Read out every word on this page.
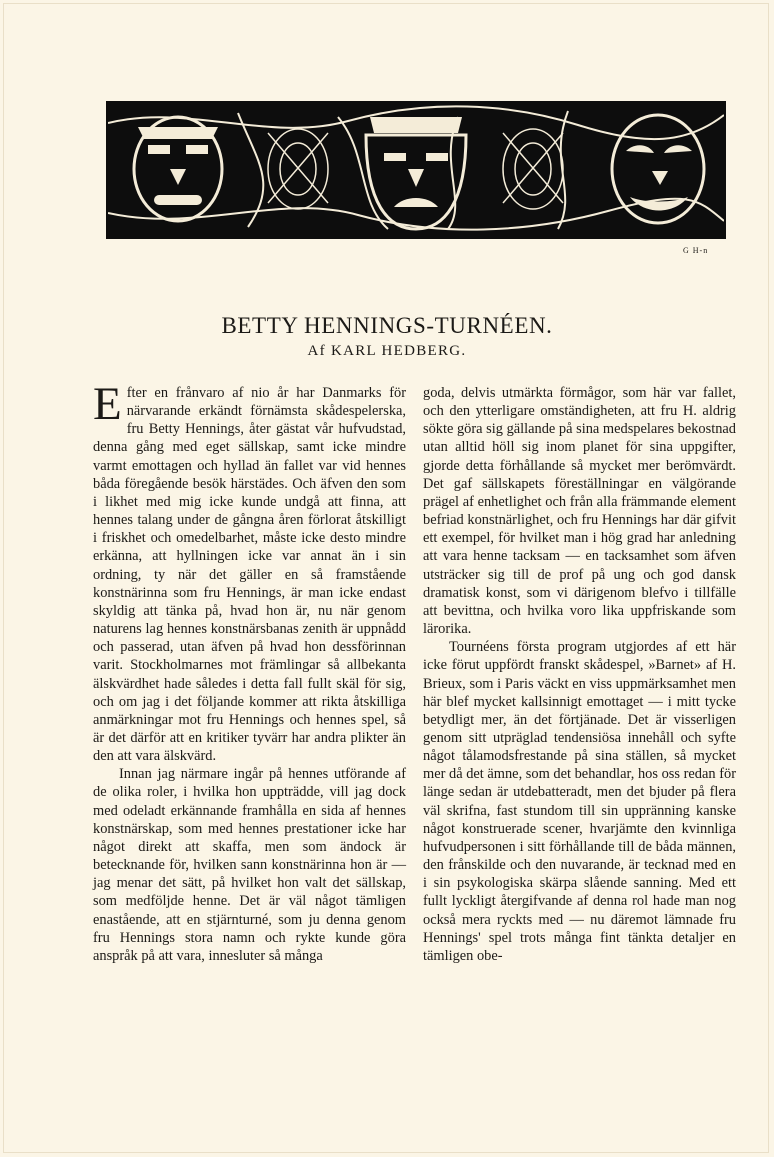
G H-n
BETTY HENNINGS-TURNÉEN.
Af KARL HEDBERG.

Efter en frånvaro af nio år har Danmarks för närvarande erkändt förnämsta skådespelerska, fru Betty Hennings, åter gästat vår hufvudstad, denna gång med eget sällskap, samt icke mindre varmt emottagen och hyllad än fallet var vid hennes båda föregående besök härstädes. Och äfven den som i likhet med mig icke kunde undgå att finna, att hennes talang under de gångna åren förlorat åtskilligt i friskhet och omedelbarhet, måste icke desto mindre erkänna, att hyllningen icke var annat än i sin ordning, ty när det gäller en så framstående konstnärinna som fru Hennings, är man icke endast skyldig att tänka på, hvad hon är, nu när genom naturens lag hennes konstnärsbanas zenith är uppnådd och passerad, utan äfven på hvad hon dessförinnan varit. Stockholmarnes mot främlingar så allbekanta älskvärdhet hade således i detta fall fullt skäl för sig, och om jag i det följande kommer att rikta åtskilliga anmärkningar mot fru Hennings och hennes spel, så är det därför att en kritiker tyvärr har andra plikter än den att vara älskvärd.

Innan jag närmare ingår på hennes utförande af de olika roler, i hvilka hon uppträdde, vill jag dock med odeladt erkännande framhålla en sida af hennes konstnärskap, som med hennes prestationer icke har något direkt att skaffa, men som ändock är betecknande för, hvilken sann konstnärinna hon är — jag menar det sätt, på hvilket hon valt det sällskap, som medföljde henne. Det är väl något tämligen enastående, att en stjärnturné, som ju denna genom fru Hennings stora namn och rykte kunde göra anspråk på att vara, innesluter så många

goda, delvis utmärkta förmågor, som här var fallet, och den ytterligare omständigheten, att fru H. aldrig sökte göra sig gällande på sina medspelares bekostnad utan alltid höll sig inom planet för sina uppgifter, gjorde detta förhållande så mycket mer berömvärdt. Det gaf sällskapets föreställningar en välgörande prägel af enhetlighet och från alla främmande element befriad konstnärlighet, och fru Hennings har där gifvit ett exempel, för hvilket man i hög grad har anledning att vara henne tacksam — en tacksamhet som äfven utsträcker sig till de prof på ung och god dansk dramatisk konst, som vi därigenom blefvo i tillfälle att bevittna, och hvilka voro lika uppfriskande som lärorika.

Tournéens första program utgjordes af ett här icke förut uppfördt franskt skådespel, »Barnet» af H. Brieux, som i Paris väckt en viss uppmärksamhet men här blef mycket kallsinnigt emottaget — i mitt tycke betydligt mer, än det förtjänade. Det är visserligen genom sitt utpräglad tendensiösa innehåll och syfte något tålamodsfrestande på sina ställen, så mycket mer då det ämne, som det behandlar, hos oss redan för länge sedan är utdebatteradt, men det bjuder på flera väl skrifna, fast stundom till sin uppränning kanske något konstruerade scener, hvarjämte den kvinnliga hufvudpersonen i sitt förhållande till de båda männen, den frånskilde och den nuvarande, är tecknad med en i sin psykologiska skärpa slående sanning. Med ett fullt lyckligt återgifvande af denna rol hade man nog också mera ryckts med — nu däremot lämnade fru Hennings' spel trots många fint tänkta detaljer en tämligen obe-
